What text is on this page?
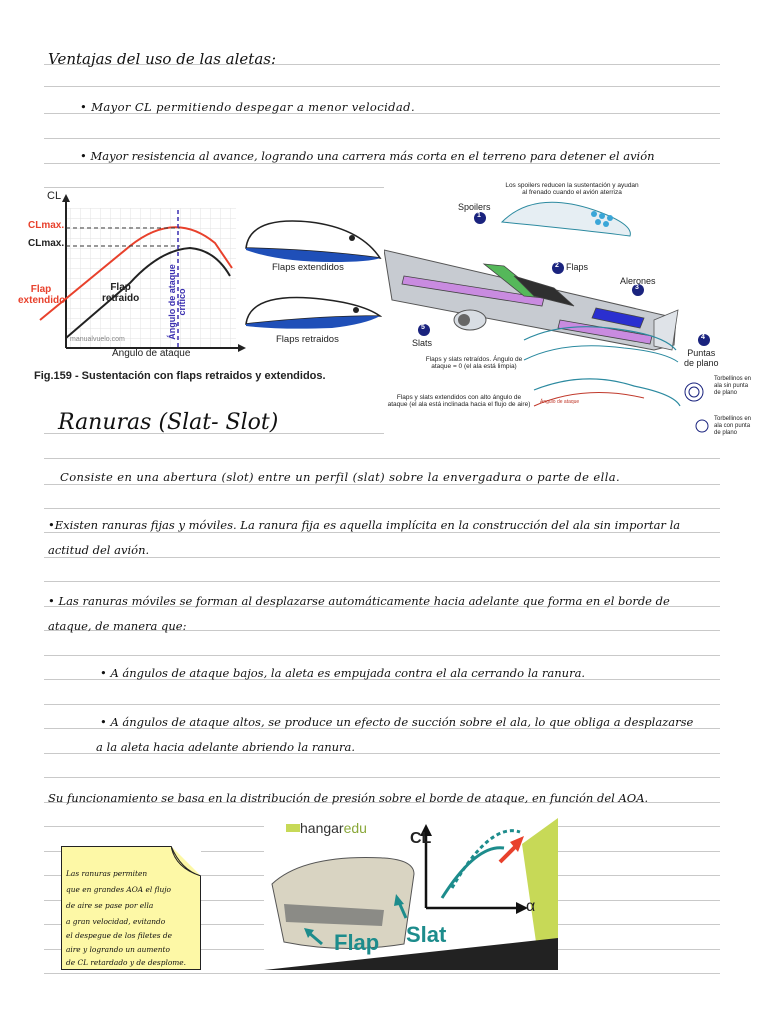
Ventajas del uso de las aletas:
• Mayor CL permitiendo despegar a menor velocidad.
• Mayor resistencia al avance, logrando una carrera más corta en el terreno para detener el avión
Ranuras (Slat- Slot)
Consiste en una abertura (slot) entre un perfil (slat) sobre la envergadura o parte de ella.
•Existen ranuras fijas y móviles. La ranura fija es aquella implícita en la construcción del ala sin importar la
actitud del avión.
• Las ranuras móviles se forman al desplazarse automáticamente hacia adelante que forma en el borde de
ataque, de manera que:
• A ángulos de ataque bajos, la aleta es empujada contra el ala cerrando la ranura.
• A ángulos de ataque altos, se produce un efecto de succión sobre el ala, lo que obliga a desplazarse
a la aleta hacia adelante abriendo la ranura.
Su funcionamiento se basa en la distribución de presión sobre el borde de ataque, en función del AOA.
CL
CLmax.
CLmax.
Flap
extendido
Flap
retraido	Ángulo de ataque crítico
manualvuelo.com
Ángulo de ataque
Flaps extendidos
Flaps retraidos
Fig.159 - Sustentación con flaps retraidos y extendidos.
Los spoilers reducen la sustentación y ayudan
al frenado cuando el avión aterriza
1
2
3
4
5
Spoilers
Flaps
Alerones
Slats
Puntas
de plano
Flaps y slats retraídos. Ángulo de
ataque = 0 (el ala está limpia)
Flaps y slats extendidos con alto ángulo de
ataque (el ala está inclinada hacia el flujo de aire)	Ángulo de ataque
Torbellinos en
ala sin punta
de plano
Torbellinos en
ala con punta
de plano
hangaredu
CL
α
Flap Slat
Las ranuras permiten
que en grandes AOA el flujo
de aire se pase por ella
a gran velocidad, evitando
el despegue de los filetes de
aire y logrando un aumento
de CL retardado y de desplome.
